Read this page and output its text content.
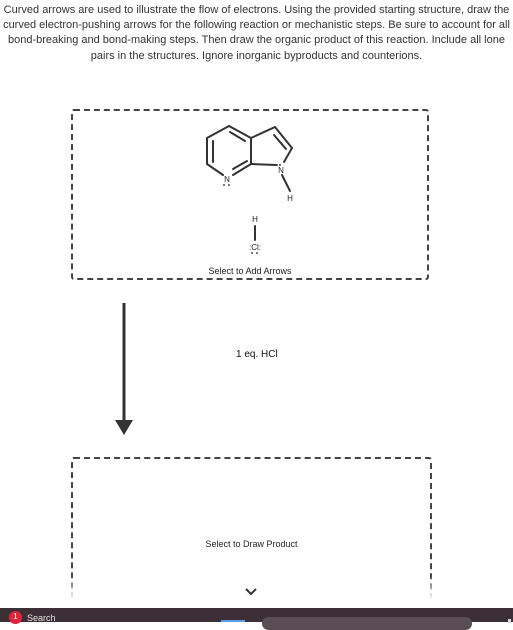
Curved arrows are used to illustrate the flow of electrons. Using the provided starting structure, draw the curved electron-pushing arrows for the following reaction or mechanistic steps. Be sure to account for all bond-breaking and bond-making steps. Then draw the organic product of this reaction. Include all lone pairs in the structures. Ignore inorganic byproducts and counterions.
N
N
H
H
:Cl:
Select to Add Arrows
1 eq. HCl
Select to Draw Product
1	Search
